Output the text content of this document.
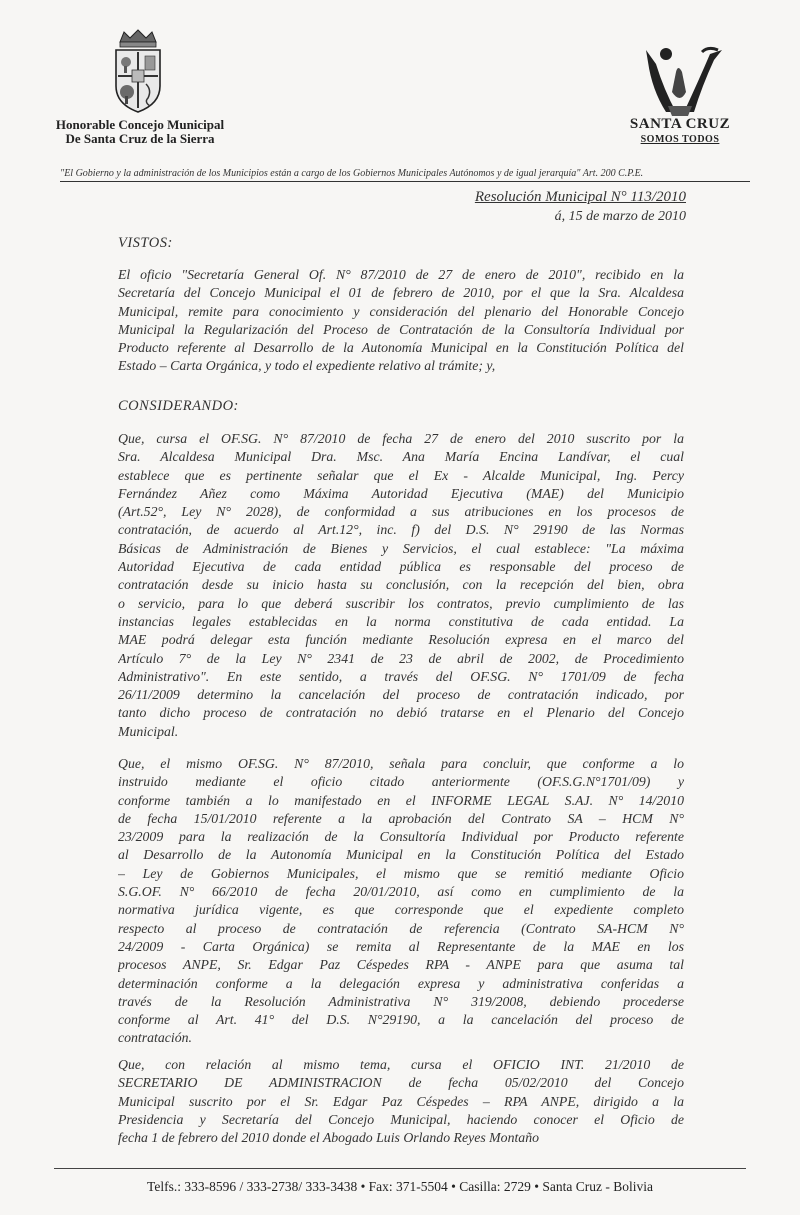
Honorable Concejo Municipal
De Santa Cruz de la Sierra
SANTA CRUZ
SOMOS TODOS
"El Gobierno y la administración de los Municipios están a cargo de los Gobiernos Municipales Autónomos y de igual jerarquía" Art. 200 C.P.E.
Resolución Municipal N° 113/2010
á, 15 de marzo de 2010
VISTOS:
El oficio "Secretaría General Of. N° 87/2010 de 27 de enero de 2010", recibido en la
Secretaría del Concejo Municipal el 01 de febrero de 2010, por el que la Sra. Alcaldesa
Municipal, remite para conocimiento y consideración del plenario del Honorable Concejo
Municipal la Regularización del Proceso de Contratación de la Consultoría Individual por
Producto referente al Desarrollo de la Autonomía Municipal en la Constitución Política del
Estado – Carta Orgánica, y todo el expediente relativo al trámite; y,
CONSIDERANDO:
Que, cursa el OF.SG. N° 87/2010 de fecha 27 de enero del 2010 suscrito por la
Sra. Alcaldesa Municipal Dra. Msc. Ana María Encina Landívar, el cual
establece que es pertinente señalar que el Ex - Alcalde Municipal, Ing. Percy
Fernández Añez como Máxima Autoridad Ejecutiva (MAE) del Municipio
(Art.52°, Ley N° 2028), de conformidad a sus atribuciones en los procesos de
contratación, de acuerdo al Art.12°, inc. f) del D.S. N° 29190 de las Normas
Básicas de Administración de Bienes y Servicios, el cual establece: "La máxima
Autoridad Ejecutiva de cada entidad pública es responsable del proceso de
contratación desde su inicio hasta su conclusión, con la recepción del bien, obra
o servicio, para lo que deberá suscribir los contratos, previo cumplimiento de las
instancias legales establecidas en la norma constitutiva de cada entidad. La
MAE podrá delegar esta función mediante Resolución expresa en el marco del
Artículo 7° de la Ley N° 2341 de 23 de abril de 2002, de Procedimiento
Administrativo". En este sentido, a través del OF.SG. N° 1701/09 de fecha
26/11/2009 determino la cancelación del proceso de contratación indicado, por
tanto dicho proceso de contratación no debió tratarse en el Plenario del Concejo
Municipal.
Que, el mismo OF.SG. N° 87/2010, señala para concluir, que conforme a lo
instruido mediante el oficio citado anteriormente (OF.S.G.N°1701/09) y
conforme también a lo manifestado en el INFORME LEGAL S.AJ. N° 14/2010
de fecha 15/01/2010 referente a la aprobación del Contrato SA – HCM N°
23/2009 para la realización de la Consultoría Individual por Producto referente
al Desarrollo de la Autonomía Municipal en la Constitución Política del Estado
– Ley de Gobiernos Municipales, el mismo que se remitió mediante Oficio
S.G.OF. N° 66/2010 de fecha 20/01/2010, así como en cumplimiento de la
normativa jurídica vigente, es que corresponde que el expediente completo
respecto al proceso de contratación de referencia (Contrato SA-HCM N°
24/2009 - Carta Orgánica) se remita al Representante de la MAE en los
procesos ANPE, Sr. Edgar Paz Céspedes RPA - ANPE para que asuma tal
determinación conforme a la delegación expresa y administrativa conferidas a
través de la Resolución Administrativa N° 319/2008, debiendo procederse
conforme al Art. 41° del D.S. N°29190, a la cancelación del proceso de
contratación.
Que, con relación al mismo tema, cursa el OFICIO INT. 21/2010 de
SECRETARIO DE ADMINISTRACION de fecha 05/02/2010 del Concejo
Municipal suscrito por el Sr. Edgar Paz Céspedes – RPA ANPE, dirigido a la
Presidencia y Secretaría del Concejo Municipal, haciendo conocer el Oficio de
fecha 1 de febrero del 2010 donde el Abogado Luis Orlando Reyes Montaño
Telfs.: 333-8596 / 333-2738/ 333-3438 • Fax: 371-5504 • Casilla: 2729 • Santa Cruz - Bolivia
